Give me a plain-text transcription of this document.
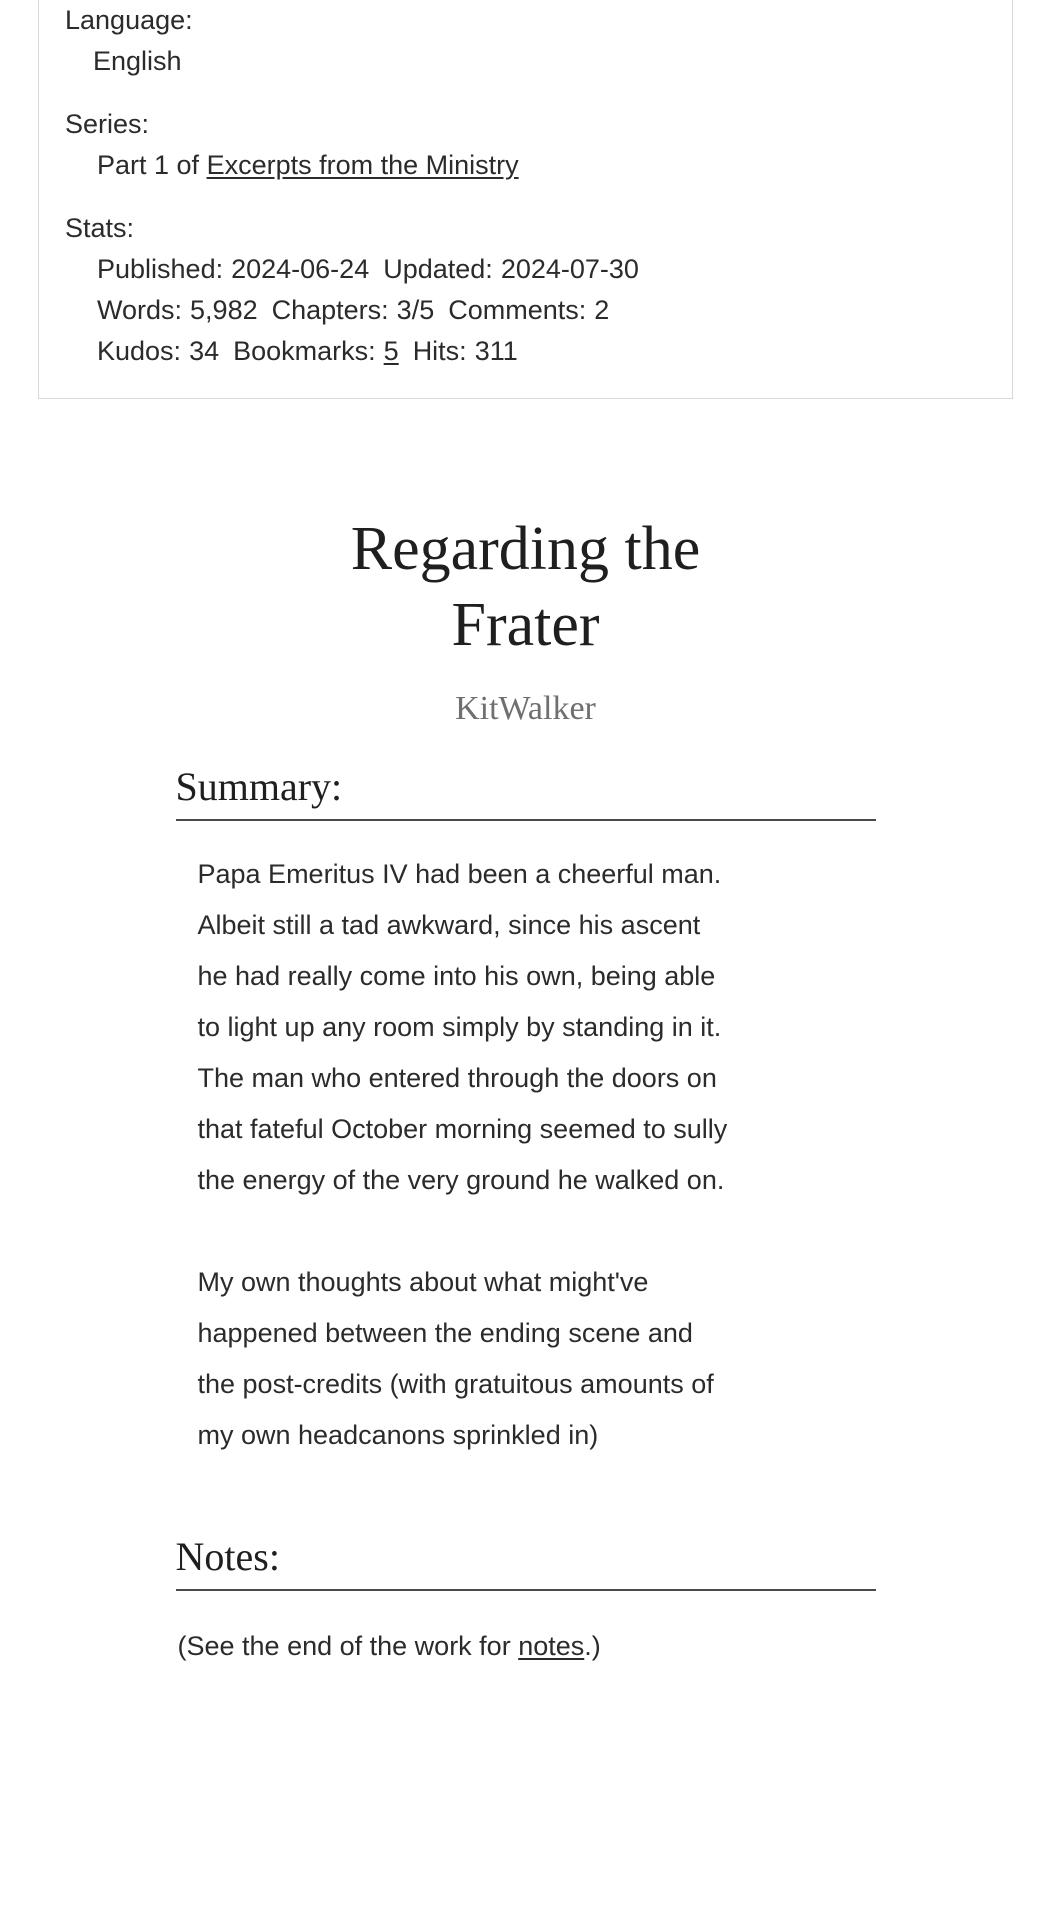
Language:
English
Series:
Part 1 of Excerpts from the Ministry
Stats:
Published: 2024-06-24 Updated: 2024-07-30
Words: 5,982 Chapters: 3/5 Comments: 2
Kudos: 34 Bookmarks: 5 Hits: 311
Regarding the Frater
KitWalker
Summary:

Papa Emeritus IV had been a cheerful man. Albeit still a tad awkward, since his ascent he had really come into his own, being able to light up any room simply by standing in it.

The man who entered through the doors on that fateful October morning seemed to sully the energy of the very ground he walked on.

My own thoughts about what might've happened between the ending scene and the post-credits (with gratuitous amounts of my own headcanons sprinkled in)

Notes:
(See the end of the work for notes.)
